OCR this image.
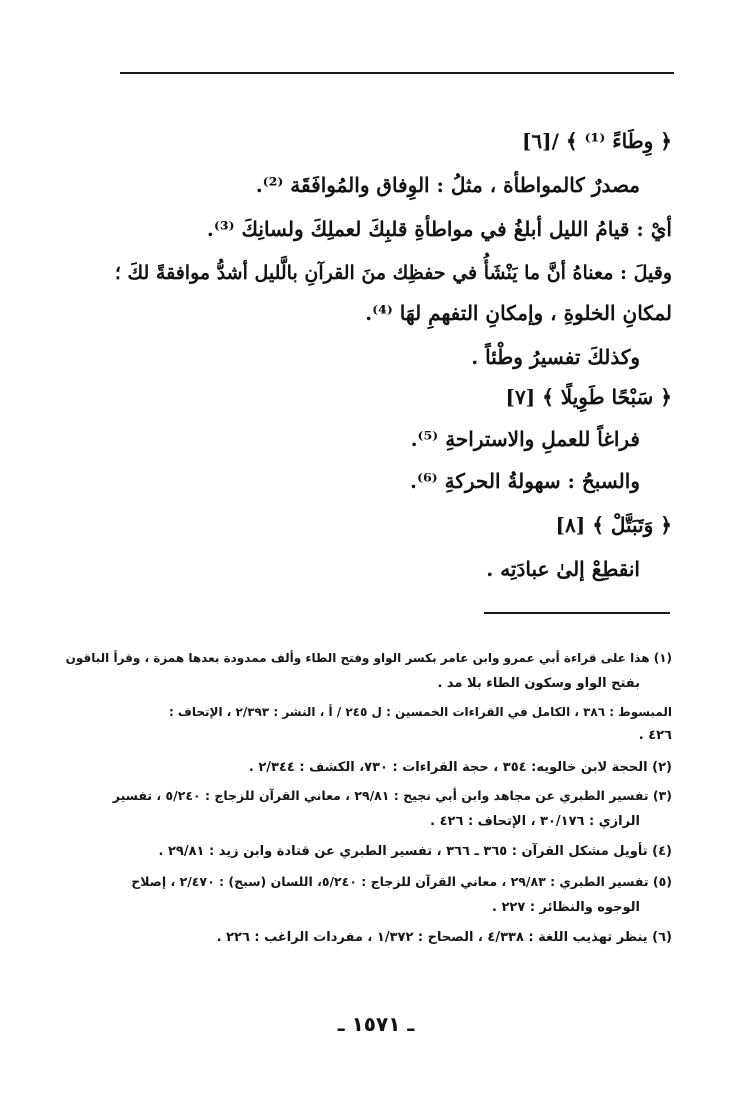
﴿ وِطَاءً ⁽¹⁾ ﴾ /[٦]
مصدرٌ كالمواطأة ، مثلُ : الوِفاق والمُوافَقَة ⁽²⁾.
أيْ : قيامُ الليل أبلغُ في مواطأةِ قلبِكَ لعملِكَ ولسانِكَ ⁽³⁾.
وقيلَ : معناهُ أنَّ ما يَنْشَأُ في حفظِك منَ القرآنِ بالَّليل أشدُّ موافقةً لكَ ؛
لمكانِ الخلوةِ ، وإمكانِ التفهمِ لهَا ⁽⁴⁾.
وكذلكَ تفسيرُ وطْئاً .
﴿ سَبْحًا طَوِيلًا ﴾ [٧]
فراغاً للعملِ والاستراحةِ ⁽⁵⁾.
والسبحُ : سهولةُ الحركةِ ⁽⁶⁾.
﴿ وَتَبَتَّلْ ﴾ [٨]
انقطِعْ إلىٰ عبادَتِه .
(١) هذا على قراءة أبي عمرو وابن عامر بكسر الواو وفتح الطاء وألف ممدودة بعدها همزة ، وقرأ الباقون
بفتح الواو وسكون الطاء بلا مد .
المبسوط : ٣٨٦ ، الكامل في القراءات الخمسين : ل ٢٤٥ / أ ، النشر : ٢/٣٩٣ ، الإتحاف :
٤٢٦ .
(٢) الحجة لابن خالويه: ٣٥٤ ، حجة القراءات : ٧٣٠، الكشف : ٢/٣٤٤ .
(٣) تفسير الطبري عن مجاهد وابن أبي نجيح : ٢٩/٨١ ، معاني القرآن للزجاج : ٥/٢٤٠ ، تفسير
الرازي : ٣٠/١٧٦ ، الإتحاف : ٤٢٦ .
(٤) تأويل مشكل القرآن : ٣٦٥ ـ ٣٦٦ ، تفسير الطبري عن قتادة وابن زيد : ٢٩/٨١ .
(٥) تفسير الطبري : ٢٩/٨٣ ، معاني القرآن للزجاج : ٥/٢٤٠، اللسان (سبح) : ٢/٤٧٠ ، إصلاح
الوجوه والنظائر : ٢٢٧ .
(٦) ينظر تهذيب اللغة : ٤/٣٣٨ ، الصحاح : ١/٣٧٢ ، مفردات الراغب : ٢٢٦ .
ـ ١٥٧١ ـ
